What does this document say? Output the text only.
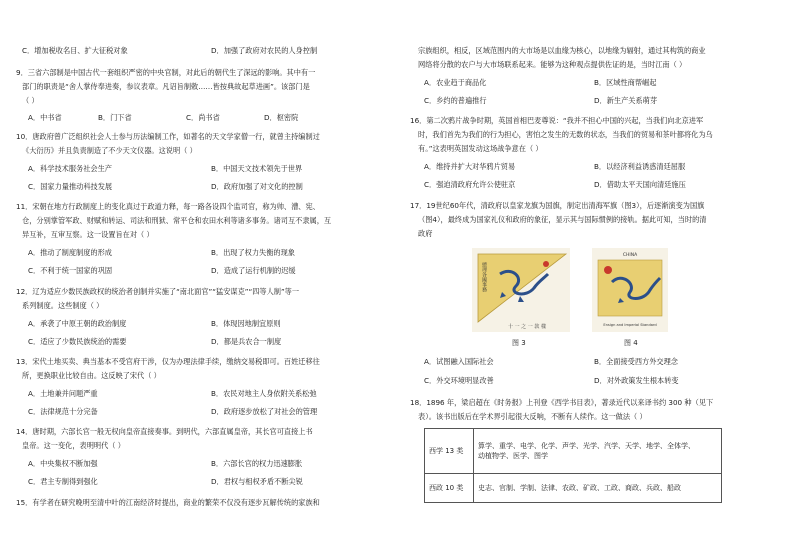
C．增加税收名目、扩大征税对象	D．加强了政府对农民的人身控制
9．三省六部制是中国古代一套组织严密的中央官制，对此后的朝代生了深远的影响。其中有一
部门的职责是“舍人掌侍奉进奏，参议表章。凡诏旨制敕……皆按典故起草进画”。该部门是
（ ）
A．中书省	B．门下省	C．尚书省	D．枢密院
10．唐政府曾广泛组织社会人士参与历法编制工作，如著名的天文学家僧一行，就曾主持编制过
《大衍历》并且负责制造了不少天文仪器。这说明（ ）
A．科学技术服务社会生产	B．中国天文技术领先于世界
C．国家力量推动科技发展	D．政府加强了对文化的控制
11．宋朝在地方行政制度上的变化真过于政道力释，每一路各设四个监司官，称为帅、漕、宪、
仓，分别掌管军政、财赋和转运、司法和刑狱、常平仓和农田水利等诸多事务。诸司互不隶属，互
异互补，互审互察。这一设置旨在对（ ）
A．推动了制度制度的形成	B．出现了权力失衡的现象
C．不利于统一国家的巩固	D．造成了运行机制的迟缓
12．辽为适应少数民族政权的统治者创制并实施了“南北面官”“猛安谋克”“四等人制”等一
系列制度。这些制度（ ）
A．承袭了中原王朝的政治制度	B．体现因地制宜原则
C．适应了少数民族统治的需要	D．都是兵农合一制度
13．宋代土地买卖、典当基本不受官府干涉，仅为办理法律手续，缴纳交易税即可。百姓迁移往
所，更换职业比较自由。这反映了宋代（ ）
A．土地兼并问题严重	B．农民对地主人身依附关系松弛
C．法律规范十分完备	D．政府逐步放松了对社会的管理
14．唐时期，六部长官一般无权向皇帝直接奏事。到明代，六部直属皇帝，其长官可直接上书
皇帝。这一变化，表明明代（ ）
A．中央集权不断加强	B．六部长官的权力迅速膨胀
C．君主专制得到强化	D．君权与相权矛盾不断尖锐
15．有学者在研究晚明至清中叶的江南经济时提出，商业的繁荣不仅没有逐步瓦解传统的家族和
宗族组织，相反，区域范围内的大市场是以血缘为核心，以地缘为辐射，通过其构筑的商业
网络将分散的农户与大市场联系起来。能够为这种观点提供佐证的是，当时江南（ ）
A．农业趋于商品化	B．区域性商帮崛起
C．乡约的普遍推行	D．新生产关系萌芽
16．第二次鸦片战争时期，英国首相巴麦尊说：“我并不担心中国的兴起，当我们向北京进军
时，我们首先为我们的行为担心，害怕之发生的无数的状态，当我们的贸易和茶叶都将化为乌
有。”这表明英国发动这场战争意在（ ）
A．维持并扩大对华鸦片贸易	B．以经济利益诱惑清廷屈服
C．强迫清政府允许公使驻京	D．借助太平天国向清廷施压
17．19世纪60年代，清政府以皇家龙旗为国旗，制定出清海军旗（图3），后逐渐演变为国旗
（图4），最终成为国家礼仪和政府的象征，显示其与国际惯例的接轨。据此可知，当时的清
政府
總理各國事務
十 一 之 一 款 樣
CHINA
Ensign and Imperial Standard
图 3	图 4
A．试图融入国际社会	B．全面接受西方外交理念
C．外交环境明显改善	D．对外政策发生根本转变
18．1896 年，梁启超在《时务报》上刊登《西学书目表》，著录近代以来译书约 300 种（见下
表）。该书出版后在学术界引起很大反响，不断有人续作。这一做法（ ）
西学 13 类	算学、重学、电学、化学、声学、光学、汽学、天学、地学、全体学、
动植物学、医学、图学

西政 10 类	史志、官制、学制、法律、农政、矿政、工政、商政、兵政、船政
